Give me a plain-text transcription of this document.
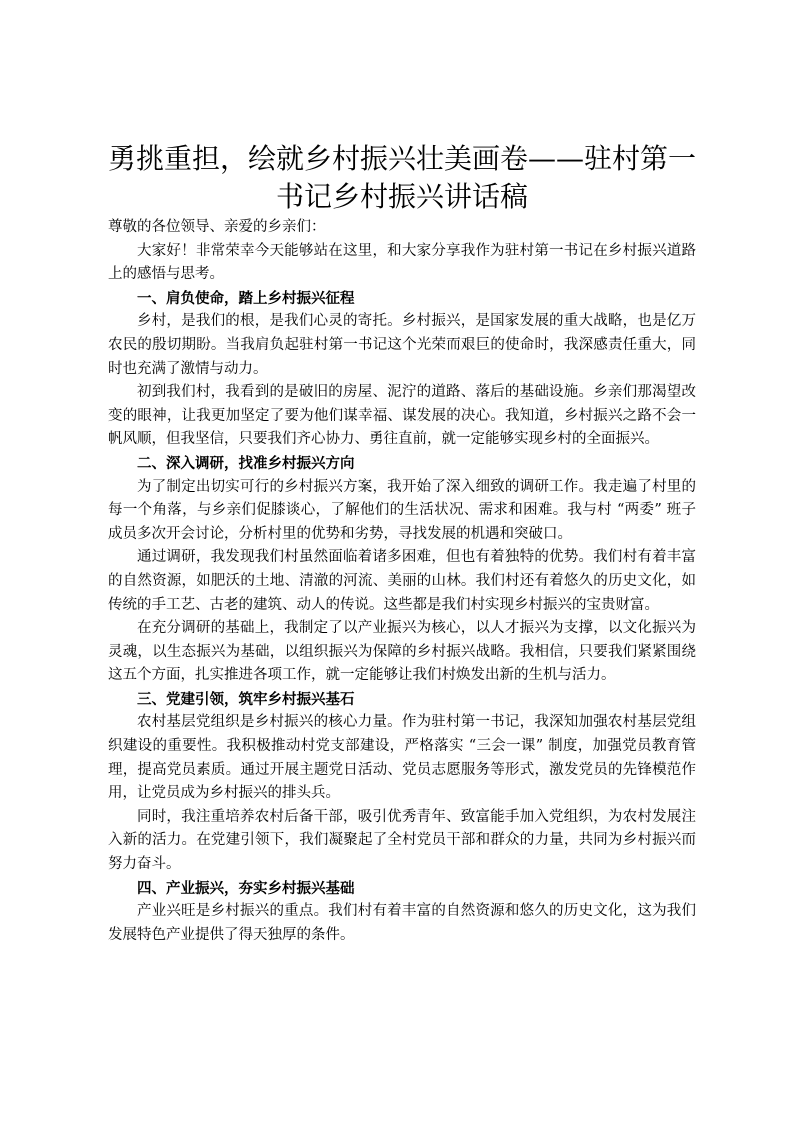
勇挑重担，绘就乡村振兴壮美画卷——驻村第一书记乡村振兴讲话稿

尊敬的各位领导、亲爱的乡亲们：

大家好！非常荣幸今天能够站在这里，和大家分享我作为驻村第一书记在乡村振兴道路上的感悟与思考。

一、肩负使命，踏上乡村振兴征程

乡村，是我们的根，是我们心灵的寄托。乡村振兴，是国家发展的重大战略，也是亿万农民的殷切期盼。当我肩负起驻村第一书记这个光荣而艰巨的使命时，我深感责任重大，同时也充满了激情与动力。

初到我们村，我看到的是破旧的房屋、泥泞的道路、落后的基础设施。乡亲们那渴望改变的眼神，让我更加坚定了要为他们谋幸福、谋发展的决心。我知道，乡村振兴之路不会一帆风顺，但我坚信，只要我们齐心协力、勇往直前，就一定能够实现乡村的全面振兴。

二、深入调研，找准乡村振兴方向

为了制定出切实可行的乡村振兴方案，我开始了深入细致的调研工作。我走遍了村里的每一个角落，与乡亲们促膝谈心，了解他们的生活状况、需求和困难。我与村 “两委” 班子成员多次开会讨论，分析村里的优势和劣势，寻找发展的机遇和突破口。

通过调研，我发现我们村虽然面临着诸多困难，但也有着独特的优势。我们村有着丰富的自然资源，如肥沃的土地、清澈的河流、美丽的山林。我们村还有着悠久的历史文化，如传统的手工艺、古老的建筑、动人的传说。这些都是我们村实现乡村振兴的宝贵财富。

在充分调研的基础上，我制定了以产业振兴为核心，以人才振兴为支撑，以文化振兴为灵魂，以生态振兴为基础，以组织振兴为保障的乡村振兴战略。我相信，只要我们紧紧围绕这五个方面，扎实推进各项工作，就一定能够让我们村焕发出新的生机与活力。

三、党建引领，筑牢乡村振兴基石

农村基层党组织是乡村振兴的核心力量。作为驻村第一书记，我深知加强农村基层党组织建设的重要性。我积极推动村党支部建设，严格落实 “三会一课” 制度，加强党员教育管理，提高党员素质。通过开展主题党日活动、党员志愿服务等形式，激发党员的先锋模范作用，让党员成为乡村振兴的排头兵。

同时，我注重培养农村后备干部，吸引优秀青年、致富能手加入党组织，为农村发展注入新的活力。在党建引领下，我们凝聚起了全村党员干部和群众的力量，共同为乡村振兴而努力奋斗。

四、产业振兴，夯实乡村振兴基础

产业兴旺是乡村振兴的重点。我们村有着丰富的自然资源和悠久的历史文化，这为我们发展特色产业提供了得天独厚的条件。
